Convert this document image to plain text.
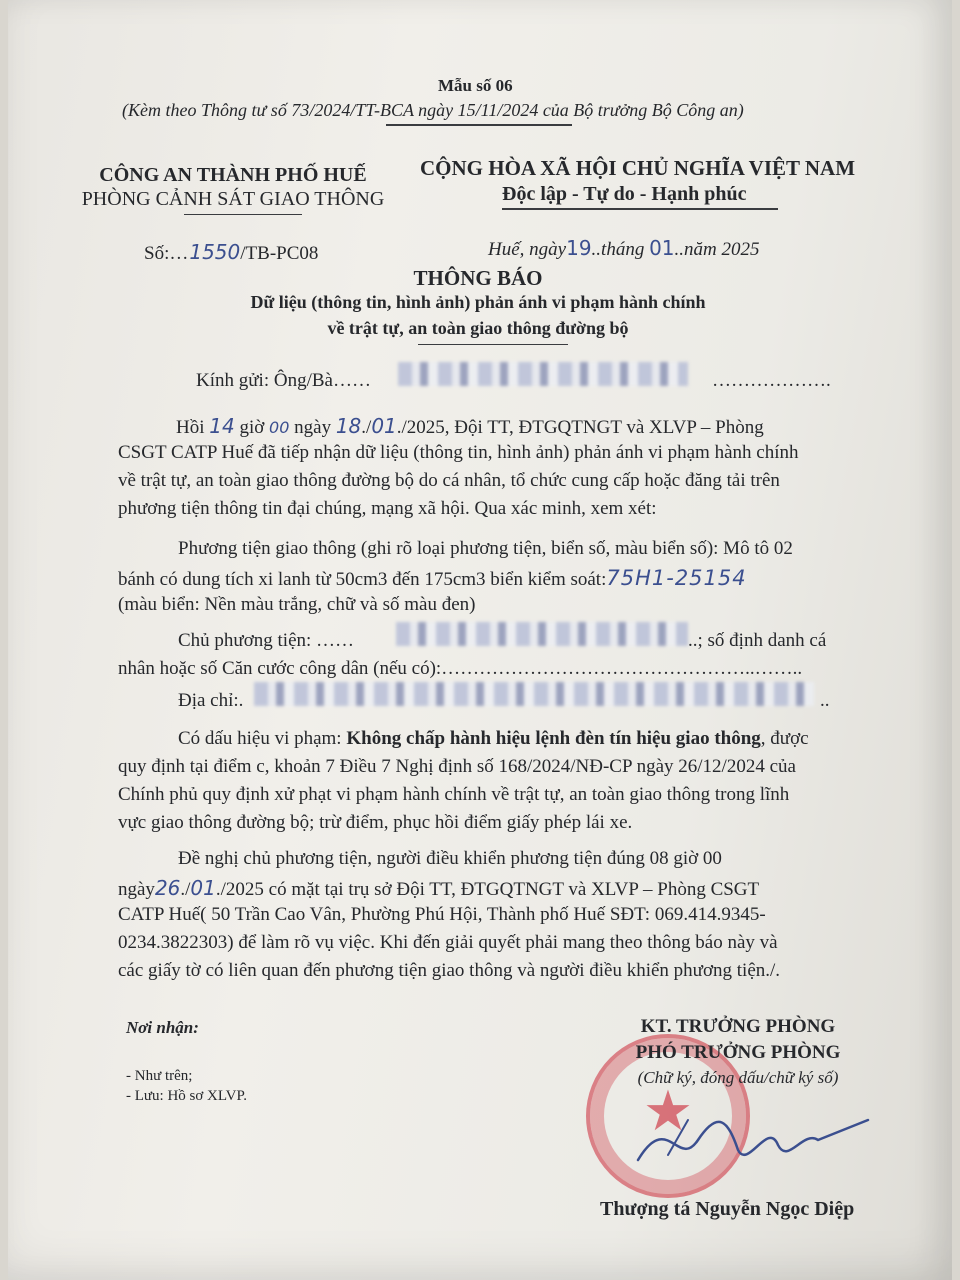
Mẫu số 06
(Kèm theo Thông tư số 73/2024/TT-BCA ngày 15/11/2024 của Bộ trưởng Bộ Công an)
CÔNG AN THÀNH PHỐ HUẾ
PHÒNG CẢNH SÁT GIAO THÔNG
CỘNG HÒA XÃ HỘI CHỦ NGHĨA VIỆT NAM
Độc lập - Tự do - Hạnh phúc
Số:…1550/TB-PC08	Huế, ngày19..tháng 01..năm 2025
THÔNG BÁO
Dữ liệu (thông tin, hình ảnh) phản ánh vi phạm hành chính
về trật tự, an toàn giao thông đường bộ
Kính gửi: Ông/Bà……	……………….
Hồi 14 giờ 00 ngày 18./01./2025, Đội TT, ĐTGQTNGT và XLVP – Phòng
CSGT CATP Huế đã tiếp nhận dữ liệu (thông tin, hình ảnh) phản ánh vi phạm hành chính
về trật tự, an toàn giao thông đường bộ do cá nhân, tổ chức cung cấp hoặc đăng tải trên
phương tiện thông tin đại chúng, mạng xã hội. Qua xác minh, xem xét:
Phương tiện giao thông (ghi rõ loại phương tiện, biển số, màu biển số): Mô tô 02
bánh có dung tích xi lanh từ 50cm3 đến 175cm3 biển kiểm soát:75H1-25154
(màu biển: Nền màu trắng, chữ và số màu đen)
Chủ phương tiện: ……	..; số định danh cá
nhân hoặc số Căn cước công dân (nếu có):…………………………………………..……..
Địa chỉ:.	..
Có dấu hiệu vi phạm: Không chấp hành hiệu lệnh đèn tín hiệu giao thông, được
quy định tại điểm c, khoản 7 Điều 7 Nghị định số 168/2024/NĐ-CP ngày 26/12/2024 của
Chính phủ quy định xử phạt vi phạm hành chính về trật tự, an toàn giao thông trong lĩnh
vực giao thông đường bộ; trừ điểm, phục hồi điểm giấy phép lái xe.
Đề nghị chủ phương tiện, người điều khiển phương tiện đúng 08 giờ 00
ngày26./01./2025 có mặt tại trụ sở Đội TT, ĐTGQTNGT và XLVP – Phòng CSGT
CATP Huế( 50 Trần Cao Vân, Phường Phú Hội, Thành phố Huế SĐT: 069.414.9345-
0234.3822303) để làm rõ vụ việc. Khi đến giải quyết phải mang theo thông báo này và
các giấy tờ có liên quan đến phương tiện giao thông và người điều khiển phương tiện./.
Nơi nhận:
- Như trên;
- Lưu: Hồ sơ XLVP.	★
KT. TRƯỞNG PHÒNG
PHÓ TRƯỞNG PHÒNG
(Chữ ký, đóng dấu/chữ ký số)
Thượng tá Nguyễn Ngọc Diệp
